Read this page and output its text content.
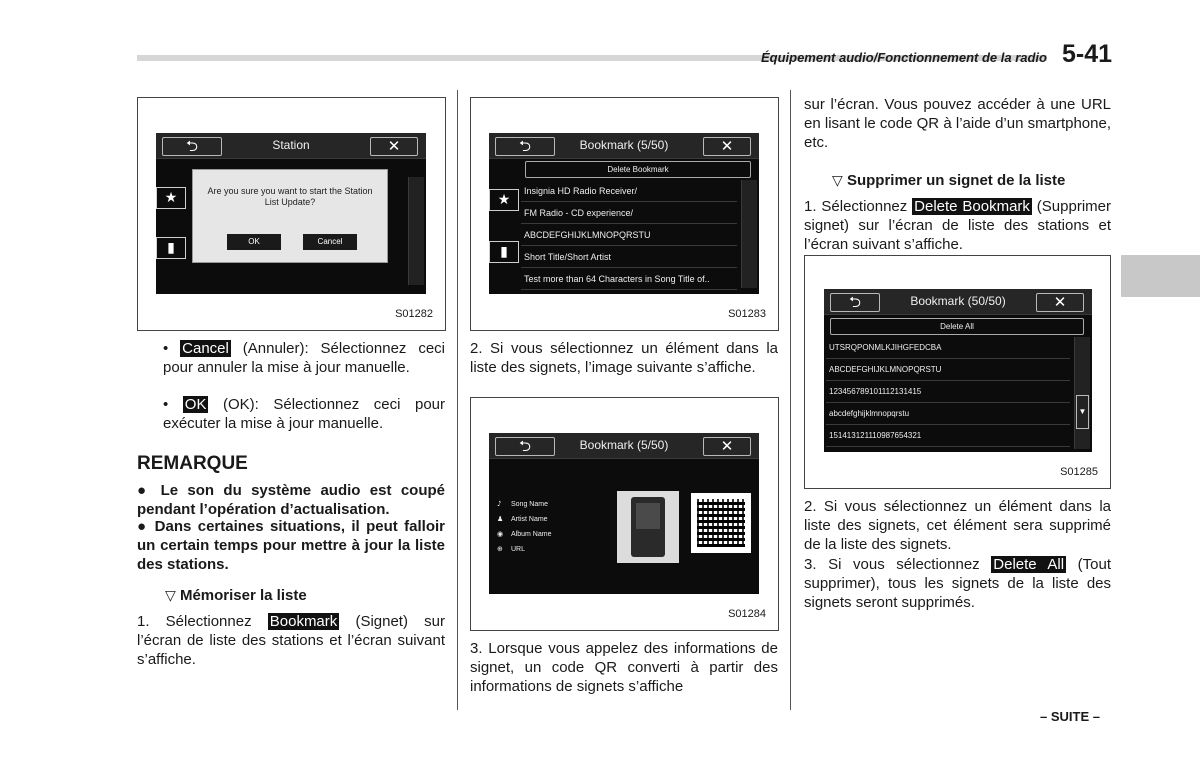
Équipement audio/Fonctionnement de la radio 5-41
⮌	Station	✕
★
▮
Are you sure you want to start the Station List Update?
OK	Cancel
S01282
⮌	Bookmark (5/50)	✕
Delete Bookmark
★
▮
Insignia HD Radio Receiver/
FM Radio - CD experience/
ABCDEFGHIJKLMNOPQRSTU
Short Title/Short Artist
Test more than 64 Characters in Song Title of..
S01283
⮌	Bookmark (5/50)	✕
♪ Song Name
♟ Artist Name
◉ Album Name
⊕ URL
S01284
⮌	Bookmark (50/50)	✕
Delete All
▼
UTSRQPONMLKJIHGFEDCBA
ABCDEFGHIJKLMNOPQRSTU
123456789101112131415
abcdefghijklmnopqrstu
151413121110987654321
S01285
• Cancel (Annuler): Sélectionnez ceci pour annuler la mise à jour manuelle.
• OK (OK): Sélectionnez ceci pour exécuter la mise à jour manuelle.
REMARQUE
● Le son du système audio est coupé pendant l’opération d’actualisation.
● Dans certaines situations, il peut falloir un certain temps pour mettre à jour la liste des stations.
▽ Mémoriser la liste
1. Sélectionnez Bookmark (Signet) sur l’écran de liste des stations et l’écran suivant s’affiche.
2. Si vous sélectionnez un élément dans la liste des signets, l’image suivante s’affiche.
3. Lorsque vous appelez des informations de signet, un code QR converti à partir des informations de signets s’affiche
sur l’écran. Vous pouvez accéder à une URL en lisant le code QR à l’aide d’un smartphone, etc.
▽ Supprimer un signet de la liste
1. Sélectionnez Delete Bookmark (Supprimer signet) sur l’écran de liste des stations et l’écran suivant s’affiche.
2. Si vous sélectionnez un élément dans la liste des signets, cet élément sera supprimé de la liste des signets.
3. Si vous sélectionnez Delete All (Tout supprimer), tous les signets de la liste des signets seront supprimés.
– SUITE –
